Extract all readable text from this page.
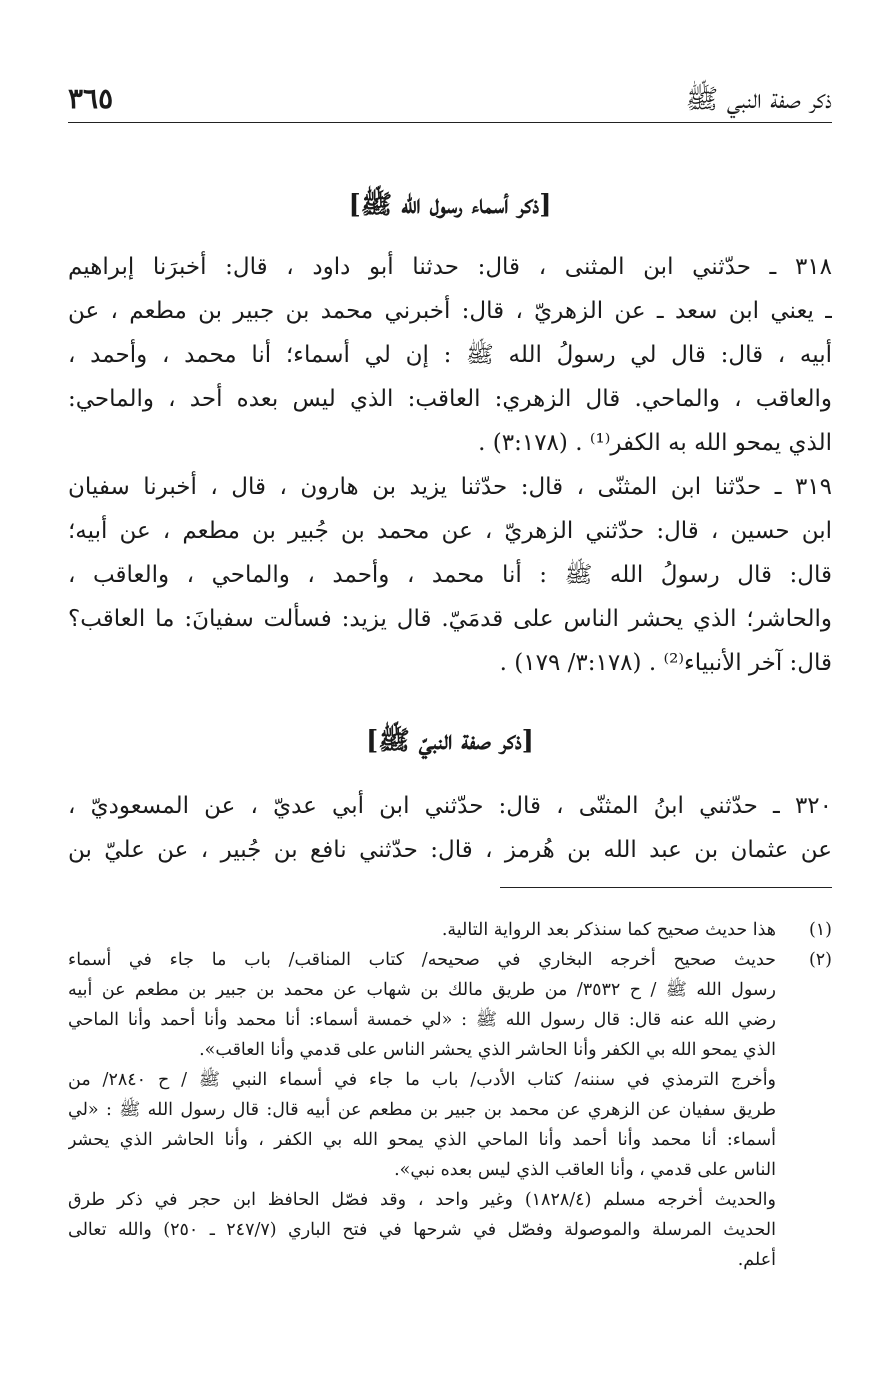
ذكر صفة النبي ﷺ
٣٦٥
[ذكر أسماء رسول الله ﷺ]
٣١٨ ـ حدّثني ابن المثنى ، قال: حدثنا أبو داود ، قال: أخبرَنا إبراهيم
ـ يعني ابن سعد ـ عن الزهريّ ، قال: أخبرني محمد بن جبير بن مطعم ، عن
أبيه ، قال: قال لي رسولُ الله ﷺ : إن لي أسماء؛ أنا محمد ، وأحمد ،
والعاقب ، والماحي. قال الزهري: العاقب: الذي ليس بعده أحد ، والماحي:
الذي يمحو الله به الكفر⁽¹⁾ . (٣:١٧٨) .
٣١٩ ـ حدّثنا ابن المثنّى ، قال: حدّثنا يزيد بن هارون ، قال ، أخبرنا سفيان
ابن حسين ، قال: حدّثني الزهريّ ، عن محمد بن جُبير بن مطعم ، عن أبيه؛
قال: قال رسولُ الله ﷺ : أنا محمد ، وأحمد ، والماحي ، والعاقب ،
والحاشر؛ الذي يحشر الناس على قدمَيّ. قال يزيد: فسألت سفيانَ: ما العاقب؟
قال: آخر الأنبياء⁽²⁾ . (٣:١٧٨/ ١٧٩) .
[ذكر صفة النبيّ ﷺ]
٣٢٠ ـ حدّثني ابنُ المثنّى ، قال: حدّثني ابن أبي عديّ ، عن المسعوديّ ،
عن عثمان بن عبد الله بن هُرمز ، قال: حدّثني نافع بن جُبير ، عن عليّ بن
(١)
هذا حديث صحيح كما سنذكر بعد الرواية التالية.
(٢)
حديث صحيح أخرجه البخاري في صحيحه/ كتاب المناقب/ باب ما جاء في أسماء
رسول الله ﷺ / ح ٣٥٣٢/ من طريق مالك بن شهاب عن محمد بن جبير بن مطعم عن أبيه
رضي الله عنه قال: قال رسول الله ﷺ : «لي خمسة أسماء: أنا محمد وأنا أحمد وأنا الماحي
الذي يمحو الله بي الكفر وأنا الحاشر الذي يحشر الناس على قدمي وأنا العاقب».
وأخرج الترمذي في سننه/ كتاب الأدب/ باب ما جاء في أسماء النبي ﷺ / ح ٢٨٤٠/ من
طريق سفيان عن الزهري عن محمد بن جبير بن مطعم عن أبيه قال: قال رسول الله ﷺ : «لي
أسماء: أنا محمد وأنا أحمد وأنا الماحي الذي يمحو الله بي الكفر ، وأنا الحاشر الذي يحشر
الناس على قدمي ، وأنا العاقب الذي ليس بعده نبي».
والحديث أخرجه مسلم (١٨٢٨/٤) وغير واحد ، وقد فصّل الحافظ ابن حجر في ذكر طرق
الحديث المرسلة والموصولة وفصّل في شرحها في فتح الباري (٢٤٧/٧ ـ ٢٥٠) والله تعالى
أعلم.
